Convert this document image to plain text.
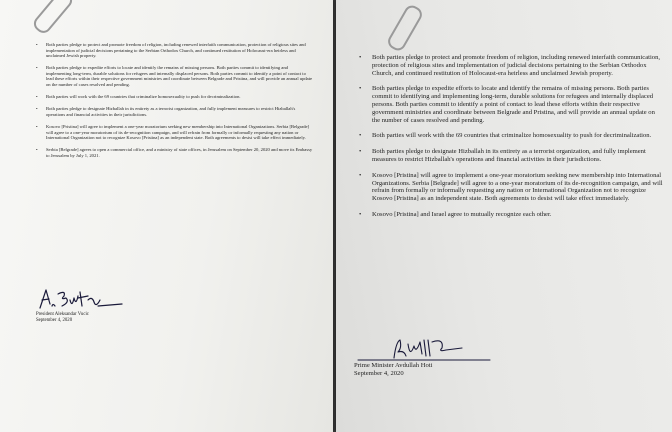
• Both parties pledge to protect and promote freedom of religion, including renewed interfaith communication, protection of religious sites and implementation of judicial decisions pertaining to the Serbian Orthodox Church, and continued restitution of Holocaust-era heirless and unclaimed Jewish property.
• Both parties pledge to expedite efforts to locate and identify the remains of missing persons. Both parties commit to identifying and implementing long-term, durable solutions for refugees and internally displaced persons. Both parties commit to identify a point of contact to lead these efforts within their respective government ministries and coordinate between Belgrade and Pristina, and will provide an annual update on the number of cases resolved and pending.
• Both parties will work with the 69 countries that criminalize homosexuality to push for decriminalization.
• Both parties pledge to designate Hizballah in its entirety as a terrorist organization, and fully implement measures to restrict Hizballah's operations and financial activities in their jurisdictions.
• Kosovo [Pristina] will agree to implement a one-year moratorium seeking new membership into International Organizations. Serbia [Belgrade] will agree to a one-year moratorium of its de-recognition campaign, and will refrain from formally or informally requesting any nation or International Organization not to recognize Kosovo [Pristina] as an independent state. Both agreements to desist will take effect immediately.
• Serbia [Belgrade] agrees to open a commercial office, and a ministry of state offices, in Jerusalem on September 20, 2020 and move its Embassy to Jerusalem by July 1, 2021.
President Aleksandar Vucic
September 4, 2020
• Both parties pledge to protect and promote freedom of religion, including renewed interfaith communication, protection of religious sites and implementation of judicial decisions pertaining to the Serbian Orthodox Church, and continued restitution of Holocaust-era heirless and unclaimed Jewish property.
• Both parties pledge to expedite efforts to locate and identify the remains of missing persons. Both parties commit to identifying and implementing long-term, durable solutions for refugees and internally displaced persons. Both parties commit to identify a point of contact to lead these efforts within their respective government ministries and coordinate between Belgrade and Pristina, and will provide an annual update on the number of cases resolved and pending.
• Both parties will work with the 69 countries that criminalize homosexuality to push for decriminalization.
• Both parties pledge to designate Hizballah in its entirety as a terrorist organization, and fully implement measures to restrict Hizballah's operations and financial activities in their jurisdictions.
• Kosovo [Pristina] will agree to implement a one-year moratorium seeking new membership into International Organizations. Serbia [Belgrade] will agree to a one-year moratorium of its de-recognition campaign, and will refrain from formally or informally requesting any nation or International Organization not to recognize Kosovo [Pristina] as an independent state. Both agreements to desist will take effect immediately.
• Kosovo [Pristina] and Israel agree to mutually recognize each other.
Prime Minister Avdullah Hoti
September 4, 2020
